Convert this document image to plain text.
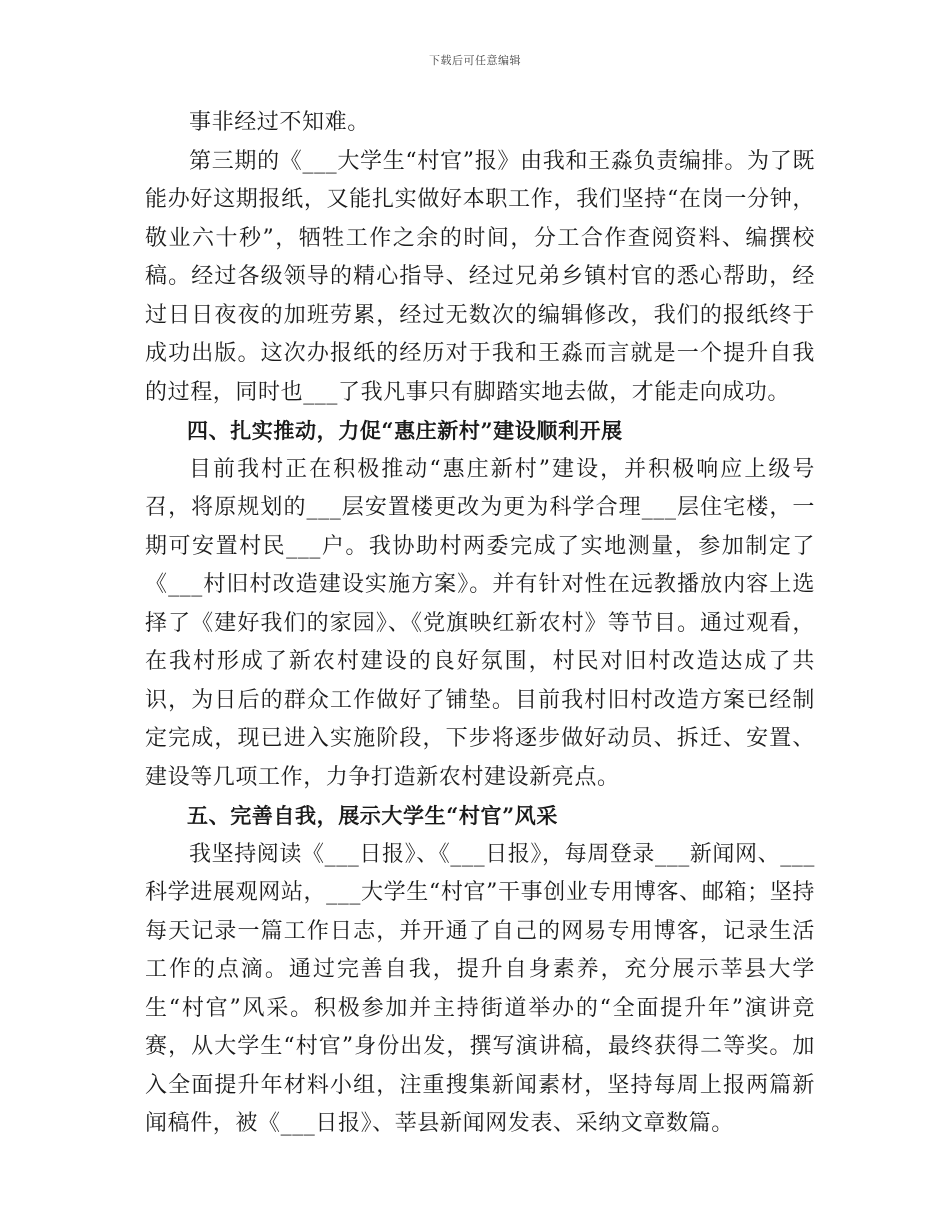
下载后可任意编辑

事非经过不知难。

第三期的《___大学生“村官”报》由我和王淼负责编排。为了既能办好这期报纸，又能扎实做好本职工作，我们坚持“在岗一分钟，敬业六十秒”，牺牲工作之余的时间，分工合作查阅资料、编撰校稿。经过各级领导的精心指导、经过兄弟乡镇村官的悉心帮助，经过日日夜夜的加班劳累，经过无数次的编辑修改，我们的报纸终于成功出版。这次办报纸的经历对于我和王淼而言就是一个提升自我的过程，同时也___了我凡事只有脚踏实地去做，才能走向成功。

四、扎实推动，力促“惠庄新村”建设顺利开展

目前我村正在积极推动“惠庄新村”建设，并积极响应上级号召，将原规划的___层安置楼更改为更为科学合理___层住宅楼，一期可安置村民___户。我协助村两委完成了实地测量，参加制定了《___村旧村改造建设实施方案》。并有针对性在远教播放内容上选择了《建好我们的家园》、《党旗映红新农村》等节目。通过观看，在我村形成了新农村建设的良好氛围，村民对旧村改造达成了共识，为日后的群众工作做好了铺垫。目前我村旧村改造方案已经制定完成，现已进入实施阶段，下步将逐步做好动员、拆迁、安置、建设等几项工作，力争打造新农村建设新亮点。

五、完善自我，展示大学生“村官”风采

我坚持阅读《___日报》、《___日报》，每周登录___新闻网、___科学进展观网站，___大学生“村官”干事创业专用博客、邮箱；坚持每天记录一篇工作日志，并开通了自己的网易专用博客，记录生活工作的点滴。通过完善自我，提升自身素养，充分展示莘县大学生“村官”风采。积极参加并主持街道举办的“全面提升年”演讲竞赛，从大学生“村官”身份出发，撰写演讲稿，最终获得二等奖。加入全面提升年材料小组，注重搜集新闻素材，坚持每周上报两篇新闻稿件，被《___日报》、莘县新闻网发表、采纳文章数篇。
